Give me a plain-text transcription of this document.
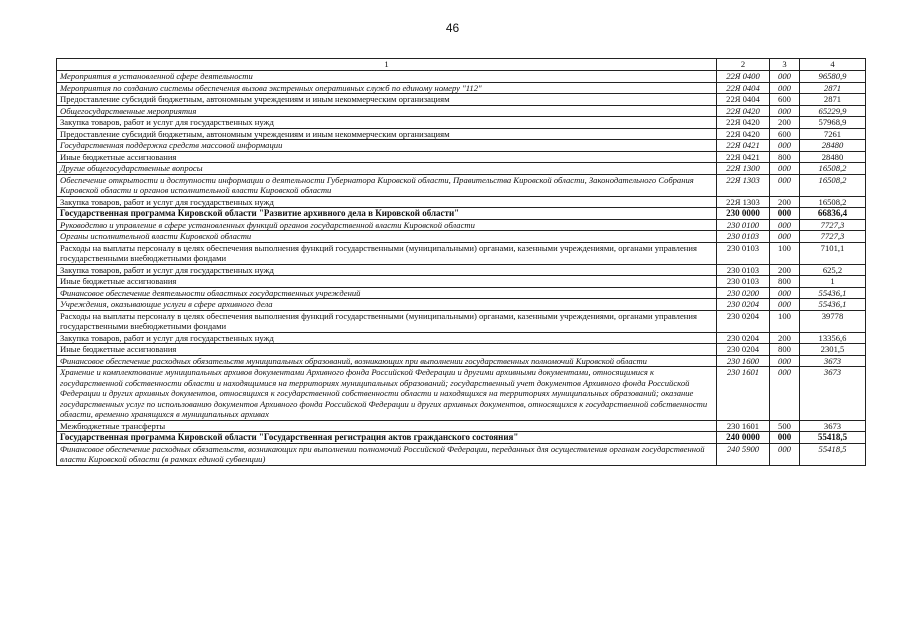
46
1	2	3	4
Мероприятия в установленной сфере деятельности	22Я 0400	000	96580,9
Мероприятия по созданию системы обеспечения вызова экстренных оперативных служб по единому номеру "112"	22Я 0404	000	2871
Предоставление субсидий бюджетным, автономным учреждениям и иным некоммерческим организациям	22Я 0404	600	2871
Общегосударственные мероприятия	22Я 0420	000	65229,9
Закупка товаров, работ и услуг для государственных нужд	22Я 0420	200	57968,9
Предоставление субсидий бюджетным, автономным учреждениям и иным некоммерческим организациям	22Я 0420	600	7261
Государственная поддержка средств массовой информации	22Я 0421	000	28480
Иные бюджетные ассигнования	22Я 0421	800	28480
Другие общегосударственные вопросы	22Я 1300	000	16508,2
Обеспечение открытости и доступности информации о деятельности Губернатора Кировской области, Правительства Кировской области, Законодательного Собрания Кировской области и органов исполнительной власти Кировской области	22Я 1303	000	16508,2
Закупка товаров, работ и услуг для государственных нужд	22Я 1303	200	16508,2
Государственная программа Кировской области "Развитие архивного дела в Кировской области"	230 0000	000	66836,4
Руководство и управление в сфере установленных функций органов государственной власти Кировской области	230 0100	000	7727,3
Органы исполнительной власти Кировской области	230 0103	000	7727,3
Расходы на выплаты персоналу в целях обеспечения выполнения функций государственными (муниципальными) органами, казенными учреждениями, органами управления государственными внебюджетными фондами	230 0103	100	7101,1
Закупка товаров, работ и услуг для государственных нужд	230 0103	200	625,2
Иные бюджетные ассигнования	230 0103	800	1
Финансовое обеспечение деятельности областных государственных учреждений	230 0200	000	55436,1
Учреждения, оказывающие услуги в сфере архивного дела	230 0204	000	55436,1
Расходы на выплаты персоналу в целях обеспечения выполнения функций государственными (муниципальными) органами, казенными учреждениями, органами управления государственными внебюджетными фондами	230 0204	100	39778
Закупка товаров, работ и услуг для государственных нужд	230 0204	200	13356,6
Иные бюджетные ассигнования	230 0204	800	2301,5
Финансовое обеспечение расходных обязательств муниципальных образований, возникающих при выполнении государственных полномочий Кировской области	230 1600	000	3673
Хранение и комплектование муниципальных архивов документами Архивного фонда Российской Федерации и другими архивными документами, относящимися к государственной собственности области и находящимися на территориях муниципальных образований; государственный учет документов Архивного фонда Российской Федерации и других архивных документов, относящихся к государственной собственности области и находящихся на территориях муниципальных образований; оказание государственных услуг по использованию документов Архивного фонда Российской Федерации и других архивных документов, относящихся к государственной собственности области, временно хранящихся в муниципальных архивах	230 1601	000	3673
Межбюджетные трансферты	230 1601	500	3673
Государственная программа Кировской области "Государственная регистрация актов гражданского состояния"	240 0000	000	55418,5
Финансовое обеспечение расходных обязательств, возникающих при выполнении полномочий Российской Федерации, переданных для осуществления органам государственной власти Кировской области (в рамках единой субвенции)	240 5900	000	55418,5
